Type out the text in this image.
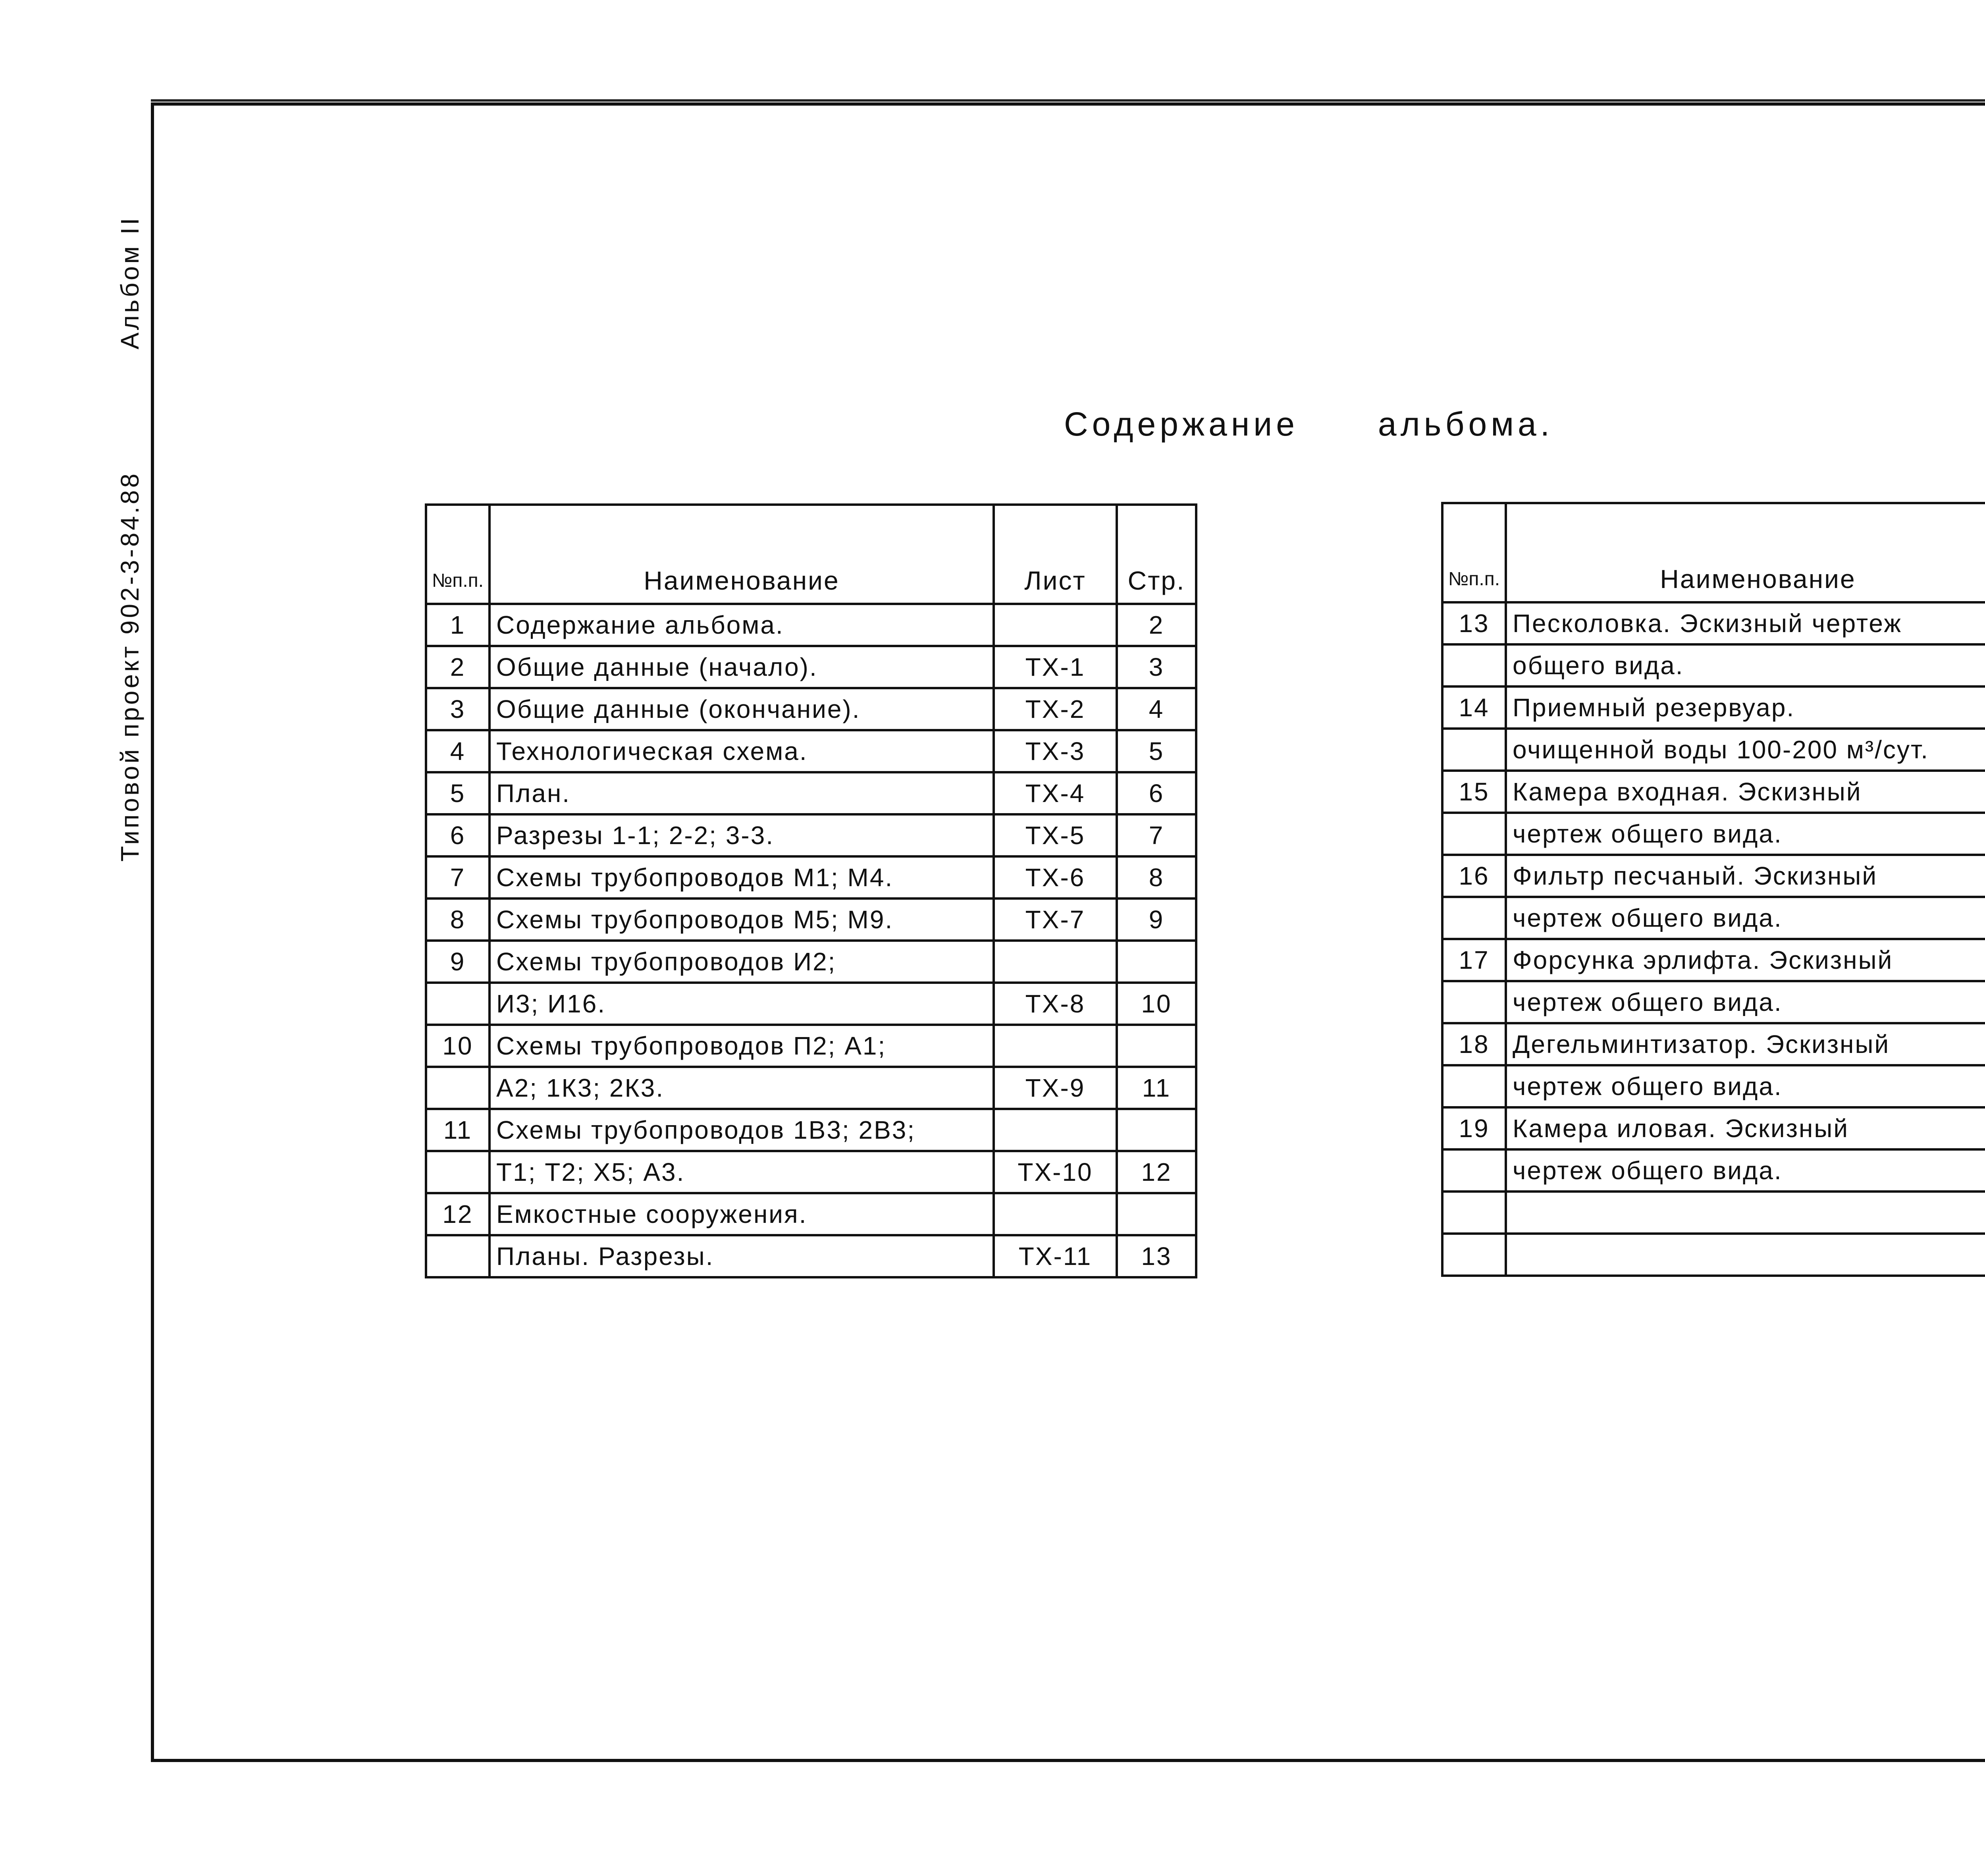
Альбом II
Типовой проект 902-3-84.88
Содержание альбома.
№п.п.	Наименование	Лист	Стр.
1	Содержание альбома.		2
2	Общие данные (начало).	ТХ-1	3
3	Общие данные (окончание).	ТХ-2	4
4	Технологическая схема.	ТХ-3	5
5	План.	ТХ-4	6
6	Разрезы 1-1; 2-2; 3-3.	ТХ-5	7
7	Схемы трубопроводов М1; М4.	ТХ-6	8
8	Схемы трубопроводов М5; М9.	ТХ-7	9
9	Схемы трубопроводов И2;		
	И3; И16.	ТХ-8	10
10	Схемы трубопроводов П2; А1;		
	А2; 1К3; 2К3.	ТХ-9	11
11	Схемы трубопроводов 1В3; 2В3;		
	Т1; Т2; Х5; А3.	ТХ-10	12
12	Емкостные сооружения.		
	Планы. Разрезы.	ТХ-11	13
№п.п.	Наименование		
13	Песколовка. Эскизный чертеж		
	общего вида.		
14	Приемный резервуар.		
	очищенной воды 100-200 м³/сут.		
15	Камера входная. Эскизный		
	чертеж общего вида.		
16	Фильтр песчаный. Эскизный		
	чертеж общего вида.		
17	Форсунка эрлифта. Эскизный		
	чертеж общего вида.		
18	Дегельминтизатор. Эскизный		
	чертеж общего вида.		
19	Камера иловая. Эскизный		
	чертеж общего вида.		
